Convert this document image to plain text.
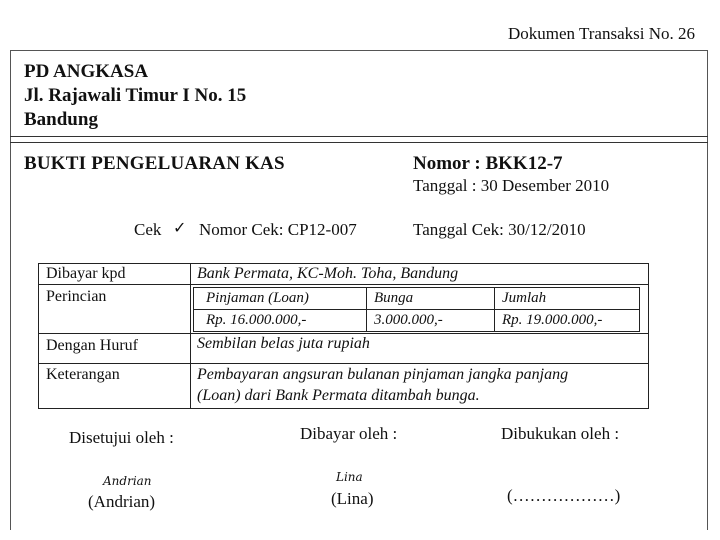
Dokumen Transaksi No. 26
PD ANGKASA
Jl. Rajawali Timur I No. 15
Bandung
BUKTI PENGELUARAN KAS	Nomor : BKK12-7
Tanggal : 30 Desember 2010
Cek ✓ Nomor Cek: CP12-007	Tanggal Cek: 30/12/2010
Dibayar kpd	Bank Permata, KC-Moh. Toha, Bandung
Perincian	Pinjaman (Loan)	Bunga	Jumlah
Rp. 16.000.000,-	3.000.000,-	Rp. 19.000.000,-
Dengan Huruf	Sembilan belas juta rupiah
Keterangan	Pembayaran angsuran bulanan pinjaman jangka panjang
(Loan) dari Bank Permata ditambah bunga.
Disetujui oleh :
Andrian
(Andrian)
Dibayar oleh :
Lina
(Lina)
Dibukukan oleh :
(………………)
